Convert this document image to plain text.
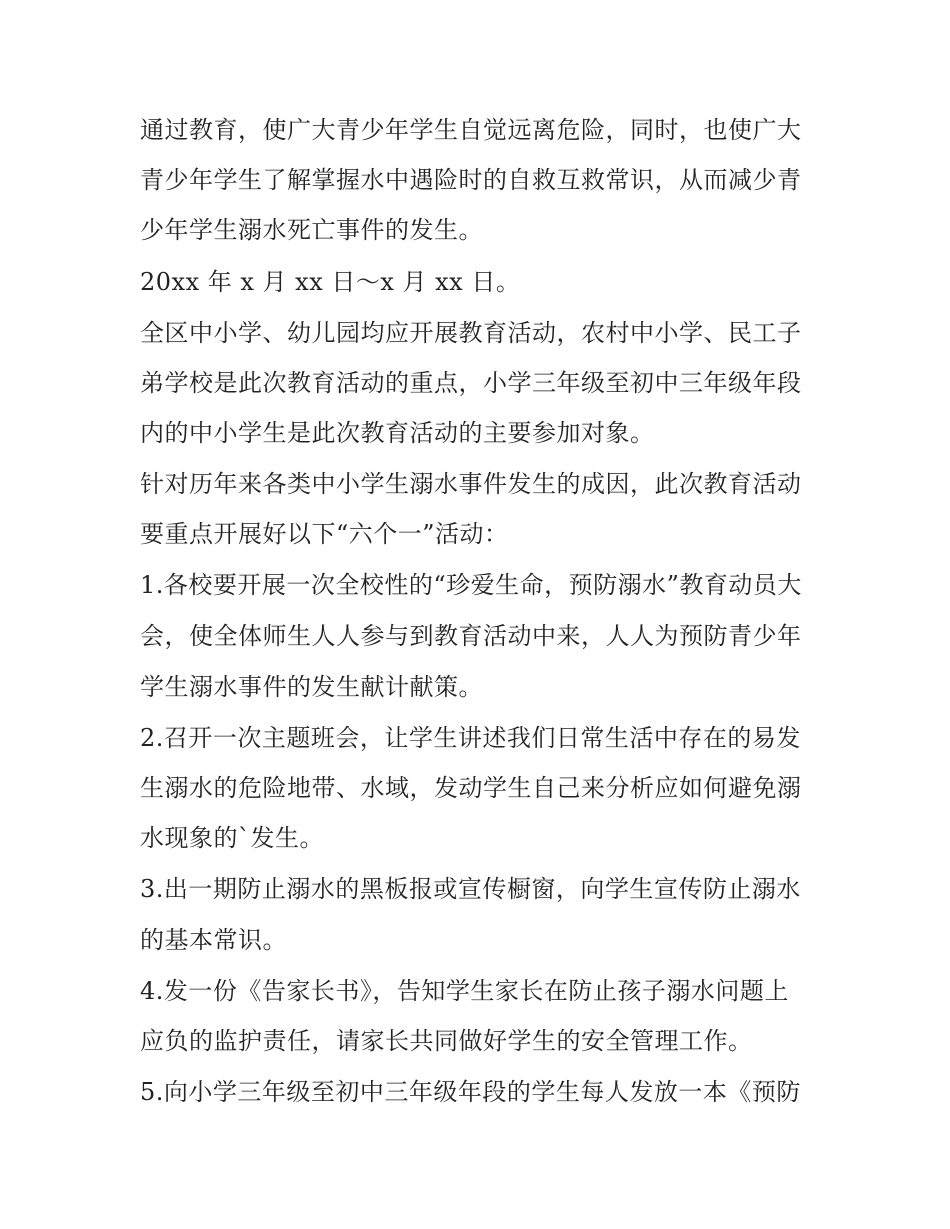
通过教育，使广大青少年学生自觉远离危险，同时，也使广大
青少年学生了解掌握水中遇险时的自救互救常识，从而减少青
少年学生溺水死亡事件的发生。
20xx 年 x 月 xx 日～x 月 xx 日。
全区中小学、幼儿园均应开展教育活动，农村中小学、民工子
弟学校是此次教育活动的重点，小学三年级至初中三年级年段
内的中小学生是此次教育活动的主要参加对象。
针对历年来各类中小学生溺水事件发生的成因，此次教育活动
要重点开展好以下“六个一”活动：
1.各校要开展一次全校性的“珍爱生命，预防溺水”教育动员大
会，使全体师生人人参与到教育活动中来，人人为预防青少年
学生溺水事件的发生献计献策。
2.召开一次主题班会，让学生讲述我们日常生活中存在的易发
生溺水的危险地带、水域，发动学生自己来分析应如何避免溺
水现象的`发生。
3.出一期防止溺水的黑板报或宣传橱窗，向学生宣传防止溺水
的基本常识。
4.发一份《告家长书》，告知学生家长在防止孩子溺水问题上
应负的监护责任，请家长共同做好学生的安全管理工作。
5.向小学三年级至初中三年级年段的学生每人发放一本《预防
